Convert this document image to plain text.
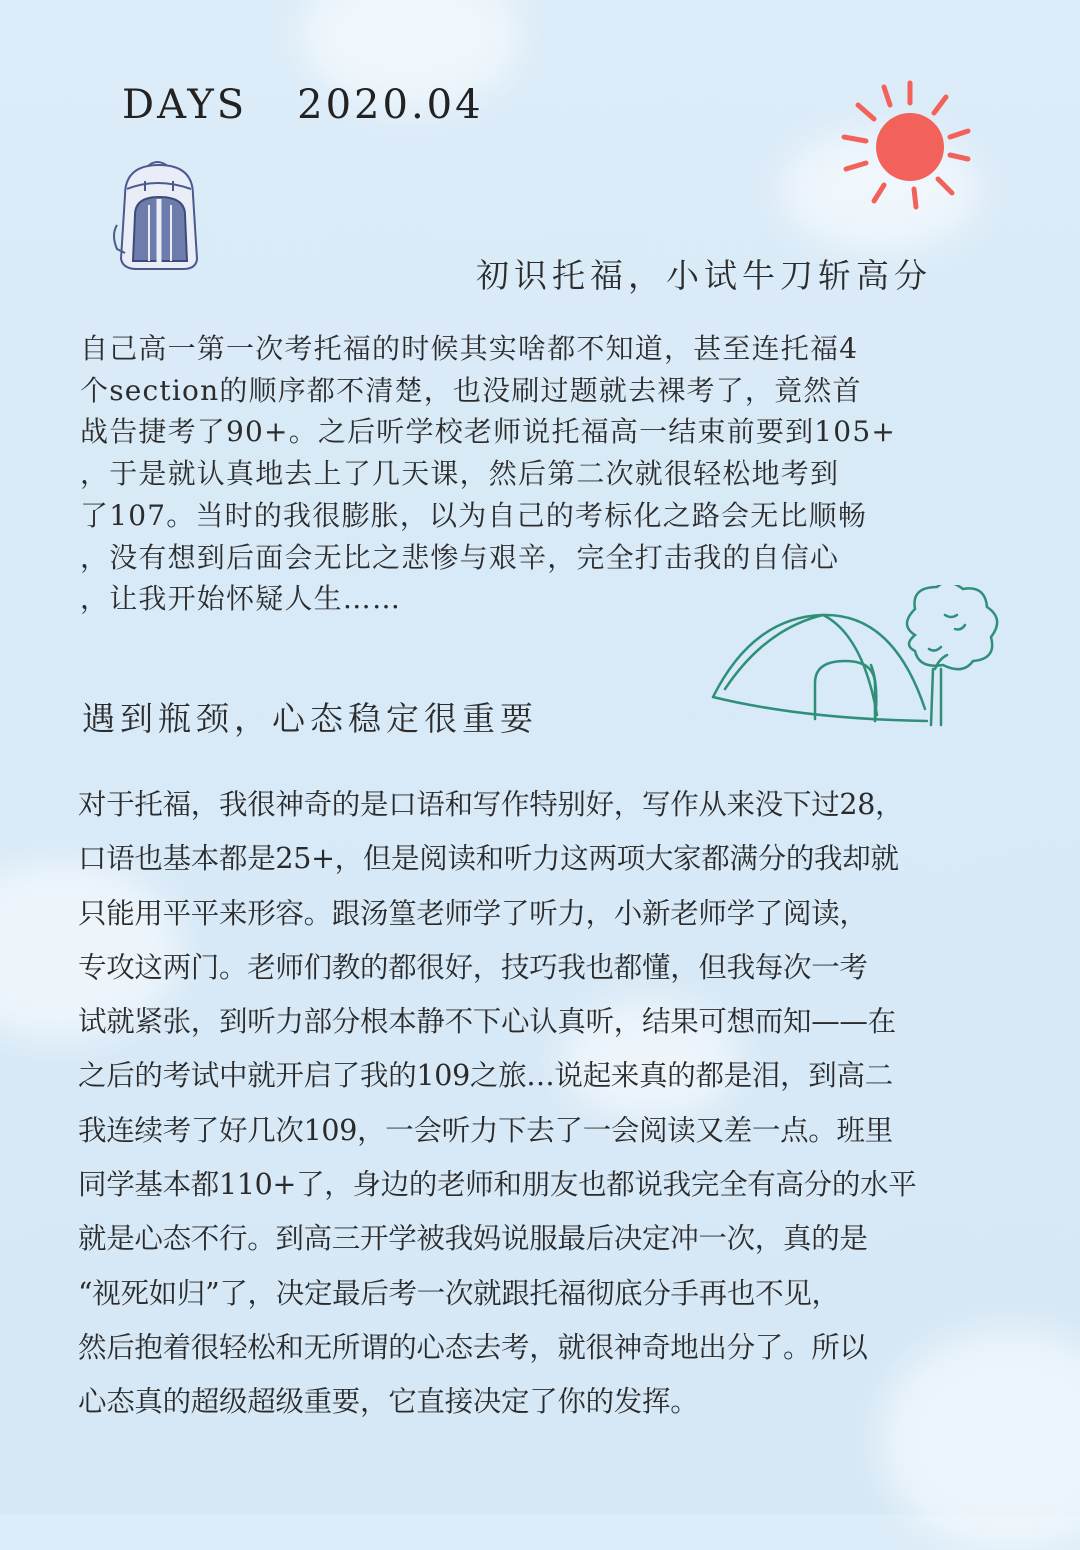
DAYS 2020.04
初识托福，小试牛刀斩高分
自己高一第一次考托福的时候其实啥都不知道，甚至连托福4
个section的顺序都不清楚，也没刷过题就去裸考了，竟然首
战告捷考了90+。之后听学校老师说托福高一结束前要到105+
，于是就认真地去上了几天课，然后第二次就很轻松地考到
了107。当时的我很膨胀，以为自己的考标化之路会无比顺畅
，没有想到后面会无比之悲惨与艰辛，完全打击我的自信心
，让我开始怀疑人生……
遇到瓶颈，心态稳定很重要
对于托福，我很神奇的是口语和写作特别好，写作从来没下过28，
口语也基本都是25+，但是阅读和听力这两项大家都满分的我却就
只能用平平来形容。跟汤篁老师学了听力，小新老师学了阅读，
专攻这两门。老师们教的都很好，技巧我也都懂，但我每次一考
试就紧张，到听力部分根本静不下心认真听，结果可想而知——在
之后的考试中就开启了我的109之旅…说起来真的都是泪，到高二
我连续考了好几次109，一会听力下去了一会阅读又差一点。班里
同学基本都110+了，身边的老师和朋友也都说我完全有高分的水平
就是心态不行。到高三开学被我妈说服最后决定冲一次，真的是
“视死如归”了，决定最后考一次就跟托福彻底分手再也不见，
然后抱着很轻松和无所谓的心态去考，就很神奇地出分了。所以
心态真的超级超级重要，它直接决定了你的发挥。
